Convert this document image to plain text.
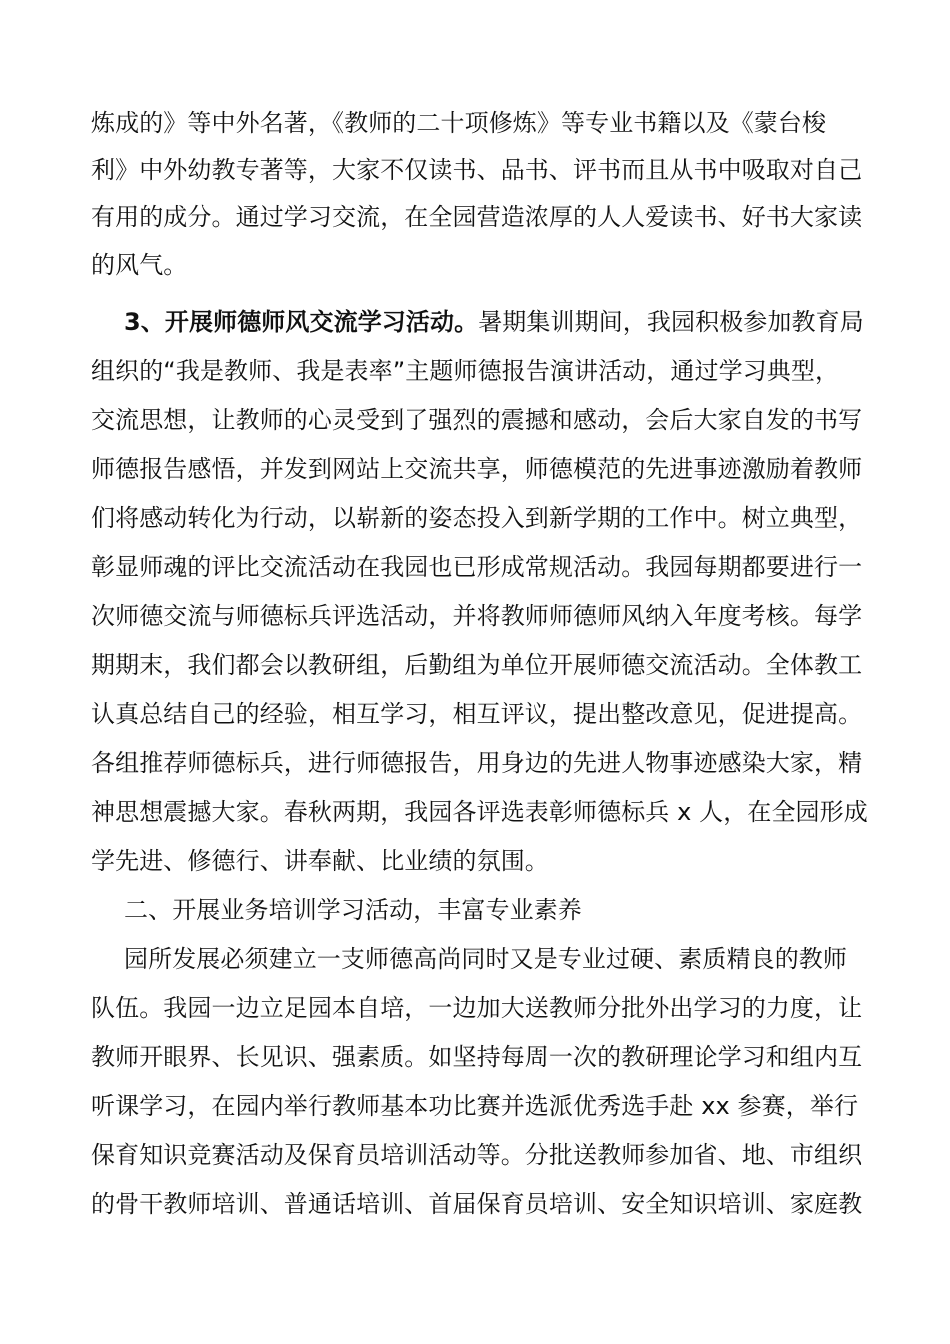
炼成的》等中外名著，《教师的二十项修炼》等专业书籍以及《蒙台梭
利》中外幼教专著等，大家不仅读书、品书、评书而且从书中吸取对自己
有用的成分。通过学习交流，在全园营造浓厚的人人爱读书、好书大家读
的风气。
3、开展师德师风交流学习活动。暑期集训期间，我园积极参加教育局
组织的“我是教师、我是表率”主题师德报告演讲活动，通过学习典型，
交流思想，让教师的心灵受到了强烈的震撼和感动，会后大家自发的书写
师德报告感悟，并发到网站上交流共享，师德模范的先进事迹激励着教师
们将感动转化为行动，以崭新的姿态投入到新学期的工作中。树立典型，
彰显师魂的评比交流活动在我园也已形成常规活动。我园每期都要进行一
次师德交流与师德标兵评选活动，并将教师师德师风纳入年度考核。每学
期期末，我们都会以教研组，后勤组为单位开展师德交流活动。全体教工
认真总结自己的经验，相互学习，相互评议，提出整改意见，促进提高。
各组推荐师德标兵，进行师德报告，用身边的先进人物事迹感染大家，精
神思想震撼大家。春秋两期，我园各评选表彰师德标兵 x 人，在全园形成
学先进、修德行、讲奉献、比业绩的氛围。
二、开展业务培训学习活动，丰富专业素养
园所发展必须建立一支师德高尚同时又是专业过硬、素质精良的教师
队伍。我园一边立足园本自培，一边加大送教师分批外出学习的力度，让
教师开眼界、长见识、强素质。如坚持每周一次的教研理论学习和组内互
听课学习，在园内举行教师基本功比赛并选派优秀选手赴 xx 参赛，举行
保育知识竞赛活动及保育员培训活动等。分批送教师参加省、地、市组织
的骨干教师培训、普通话培训、首届保育员培训、安全知识培训、家庭教
